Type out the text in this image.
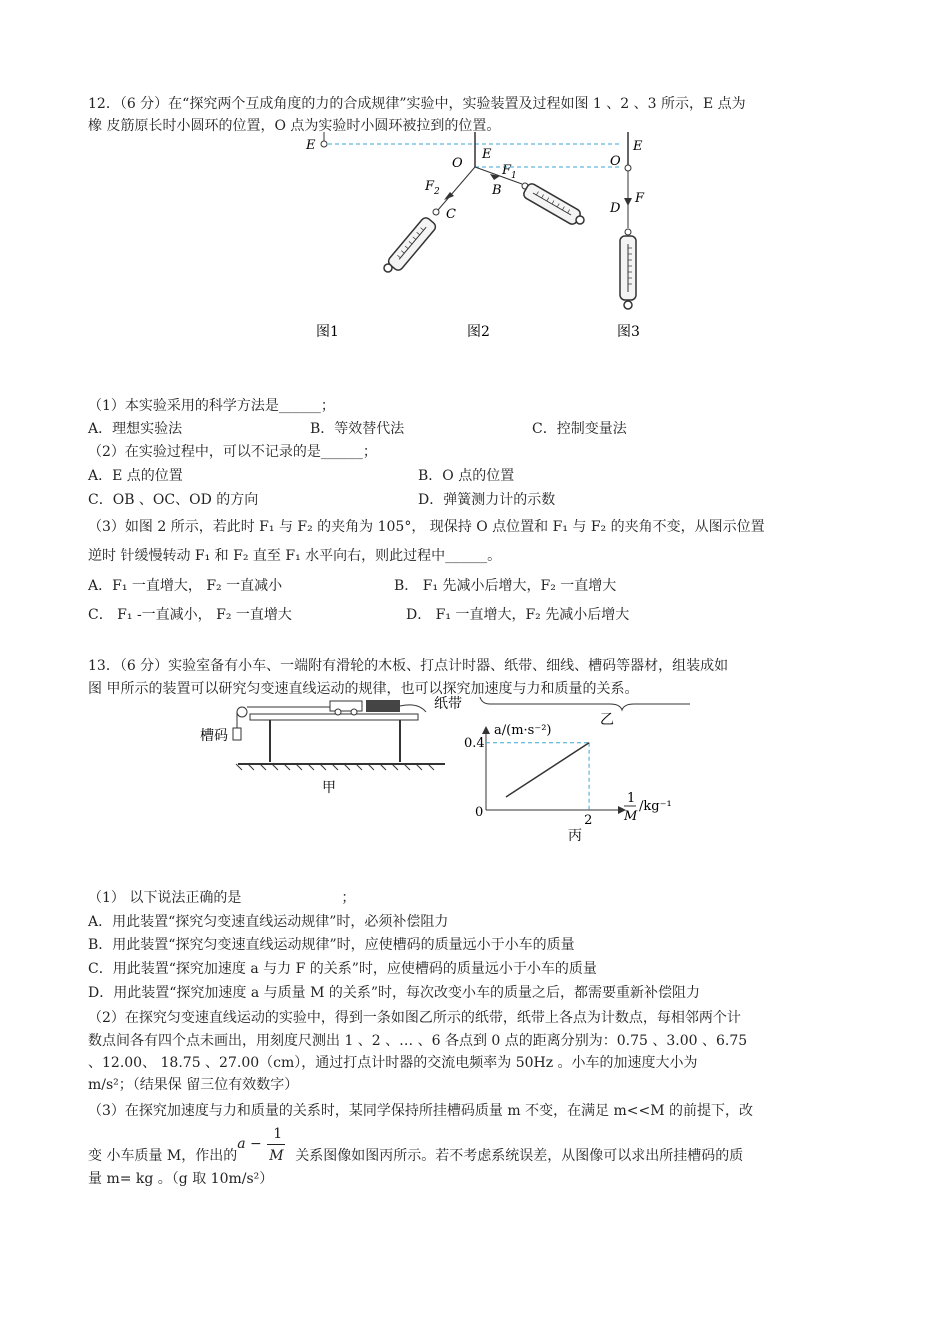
12．（6 分）在“探究两个互成角度的力的合成规律”实验中，实验装置及过程如图 1 、2 、3 所示，E 点为
橡 皮筋原长时小圆环的位置，O 点为实验时小圆环被拉到的位置。
E
O
E
$F_2$
C
$F_1$
B
O
E
F
D
图1	图2	图3
（1）本实验采用的科学方法是______；
A．理想实验法	B．等效替代法	C．控制变量法
（2）在实验过程中，可以不记录的是______；
A．E 点的位置	B．O 点的位置
C．OB 、OC、OD 的方向	D．弹簧测力计的示数
（3）如图 2 所示，若此时 F₁ 与 F₂ 的夹角为 105°， 现保持 O 点位置和 F₁ 与 F₂ 的夹角不变，从图示位置
逆时 针缓慢转动 F₁ 和 F₂ 直至 F₁ 水平向右，则此过程中______。
A．F₁ 一直增大， F₂ 一直减小	B． F₁ 先减小后增大，F₂ 一直增大
C． F₁ -一直减小， F₂ 一直增大	D． F₁ 一直增大，F₂ 先减小后增大
13．（6 分）实验室备有小车、一端附有滑轮的木板、打点计时器、纸带、细线、槽码等器材，组装成如
图 甲所示的装置可以研究匀变速直线运动的规律，也可以探究加速度与力和质量的关系。
乙
槽码
纸带
甲
a/(m·s⁻²)
0.4
2
0
1
M
/kg⁻¹
丙
（1） 以下说法正确的是	；
A．用此装置“探究匀变速直线运动规律”时，必须补偿阻力
B．用此装置“探究匀变速直线运动规律”时，应使槽码的质量远小于小车的质量
C．用此装置“探究加速度 a 与力 F 的关系”时，应使槽码的质量远小于小车的质量
D．用此装置“探究加速度 a 与质量 M 的关系”时，每次改变小车的质量之后，都需要重新补偿阻力
（2）在探究匀变速直线运动的实验中，得到一条如图乙所示的纸带，纸带上各点为计数点，每相邻两个计
数点间各有四个点未画出，用刻度尺测出 1 、2 、… 、6 各点到 0 点的距离分别为：0.75 、3.00 、6.75
、12.00、 18.75 、27.00（cm），通过打点计时器的交流电频率为 50Hz 。小车的加速度大小为
m/s²；（结果保 留三位有效数字）
（3）在探究加速度与力和质量的关系时，某同学保持所挂槽码质量 m 不变，在满足 m<<M 的前提下，改
变 小车质量 M，作出的
a −
1
M 关系图像如图丙所示。若不考虑系统误差，从图像可以求出所挂槽码的质
量 m= kg 。（g 取 10m/s²）
